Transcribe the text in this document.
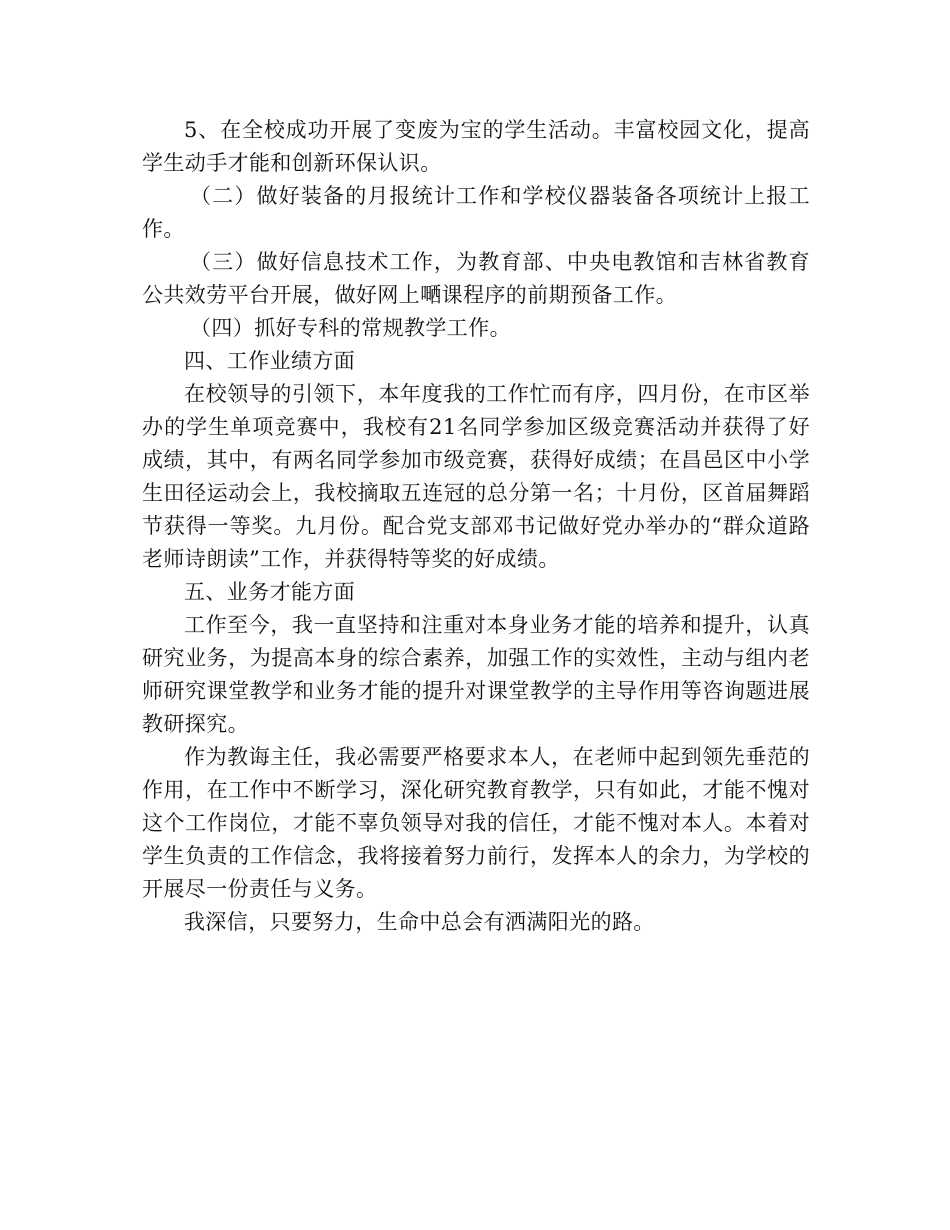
5、在全校成功开展了变废为宝的学生活动。丰富校园文化，提高学生动手才能和创新环保认识。

（二）做好装备的月报统计工作和学校仪器装备各项统计上报工作。

（三）做好信息技术工作，为教育部、中央电教馆和吉林省教育公共效劳平台开展，做好网上嗮课程序的前期预备工作。

（四）抓好专科的常规教学工作。

四、工作业绩方面

在校领导的引领下，本年度我的工作忙而有序，四月份，在市区举办的学生单项竞赛中，我校有21名同学参加区级竞赛活动并获得了好成绩，其中，有两名同学参加市级竞赛，获得好成绩；在昌邑区中小学生田径运动会上，我校摘取五连冠的总分第一名；十月份，区首届舞蹈节获得一等奖。九月份。配合党支部邓书记做好党办举办的“群众道路老师诗朗读”工作，并获得特等奖的好成绩。

五、业务才能方面

工作至今，我一直坚持和注重对本身业务才能的培养和提升，认真研究业务，为提高本身的综合素养，加强工作的实效性，主动与组内老师研究课堂教学和业务才能的提升对课堂教学的主导作用等咨询题进展教研探究。

作为教诲主任，我必需要严格要求本人，在老师中起到领先垂范的作用，在工作中不断学习，深化研究教育教学，只有如此，才能不愧对这个工作岗位，才能不辜负领导对我的信任，才能不愧对本人。本着对学生负责的工作信念，我将接着努力前行，发挥本人的余力，为学校的开展尽一份责任与义务。

我深信，只要努力，生命中总会有洒满阳光的路。
